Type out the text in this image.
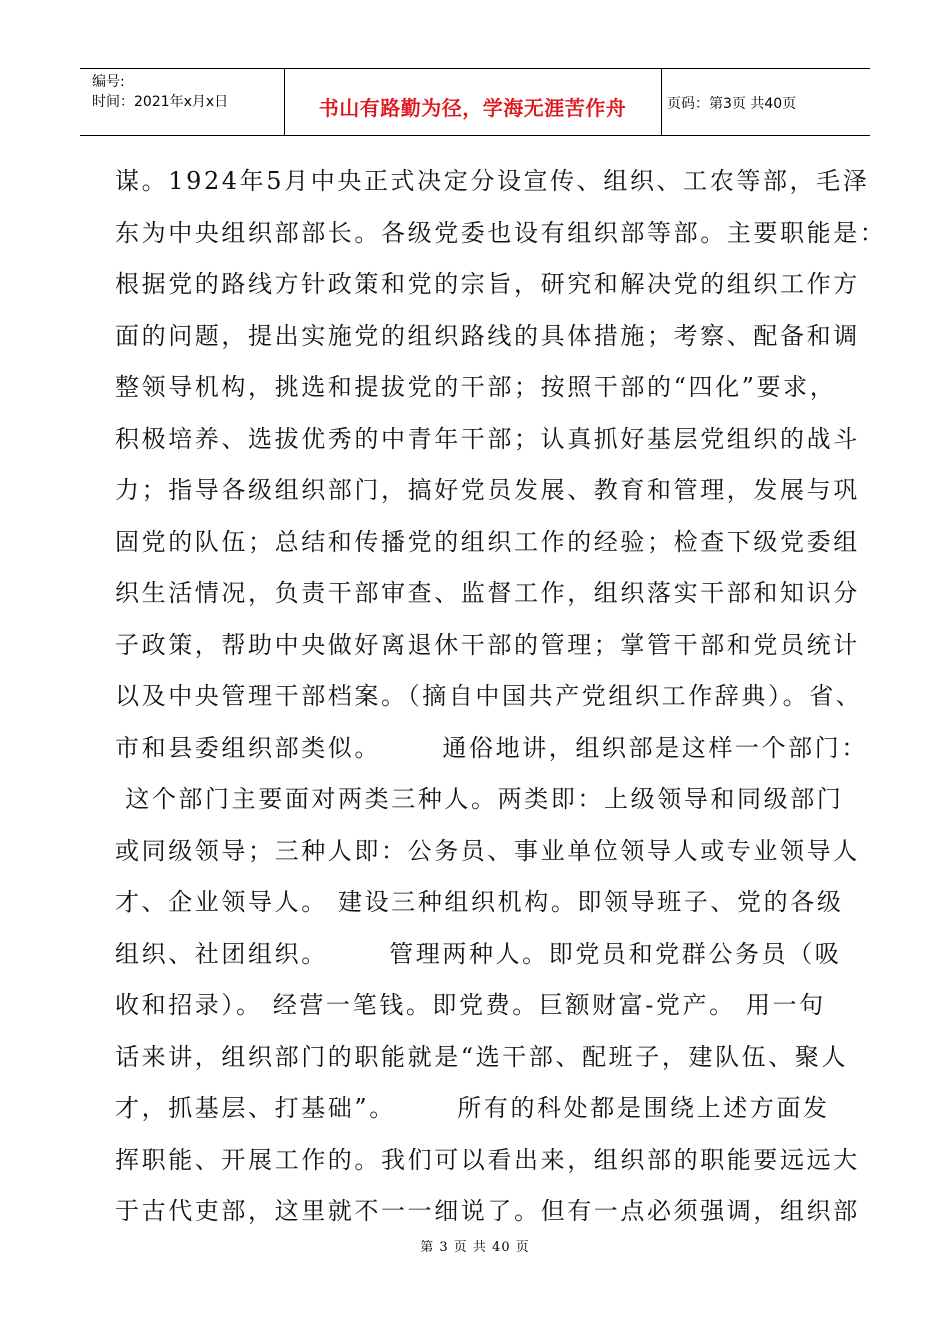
编号:
时间：2021年x月x日	书山有路勤为径，学海无涯苦作舟	页码：第3页 共40页
谋。1924年5月中央正式决定分设宣传、组织、工农等部，毛泽
东为中央组织部部长。各级党委也设有组织部等部。主要职能是：
根据党的路线方针政策和党的宗旨，研究和解决党的组织工作方
面的问题，提出实施党的组织路线的具体措施；考察、配备和调
整领导机构，挑选和提拔党的干部；按照干部的“四化”要求，
积极培养、选拔优秀的中青年干部；认真抓好基层党组织的战斗
力；指导各级组织部门，搞好党员发展、教育和管理，发展与巩
固党的队伍；总结和传播党的组织工作的经验；检查下级党委组
织生活情况，负责干部审查、监督工作，组织落实干部和知识分
子政策，帮助中央做好离退休干部的管理；掌管干部和党员统计
以及中央管理干部档案。（摘自中国共产党组织工作辞典）。省、
市和县委组织部类似。      通俗地讲，组织部是这样一个部门：
这个部门主要面对两类三种人。两类即：上级领导和同级部门
或同级领导；三种人即：公务员、事业单位领导人或专业领导人
才、企业领导人。 建设三种组织机构。即领导班子、党的各级
组织、社团组织。      管理两种人。即党员和党群公务员（吸
收和招录）。 经营一笔钱。即党费。巨额财富-党产。 用一句
话来讲，组织部门的职能就是“选干部、配班子，建队伍、聚人
才，抓基层、打基础”。      所有的科处都是围绕上述方面发
挥职能、开展工作的。我们可以看出来，组织部的职能要远远大
于古代吏部，这里就不一一细说了。但有一点必须强调，组织部
第 3 页 共 40 页
